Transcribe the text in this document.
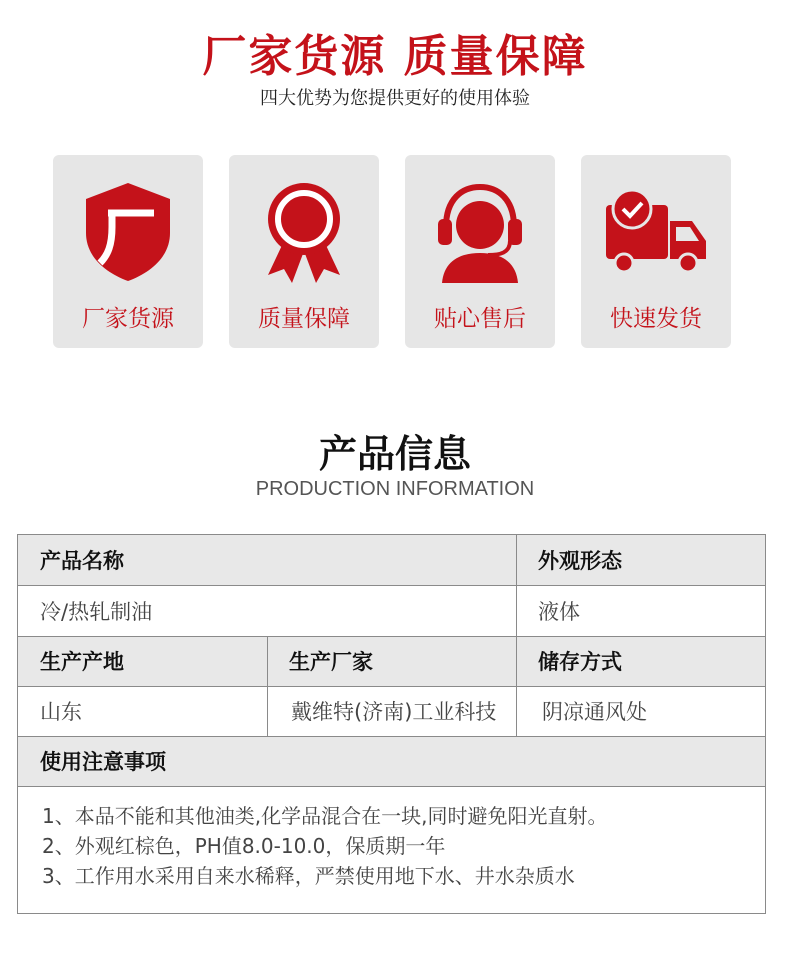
厂家货源 质量保障
四大优势为您提供更好的使用体验
厂家货源	质量保障	贴心售后	快速发货
产品信息
PRODUCTION INFORMATION
产品名称	外观形态
冷/热轧制油	液体
生产产地	生产厂家	储存方式
山东	戴维特(济南)工业科技	阴凉通风处
使用注意事项
1、本品不能和其他油类,化学品混合在一块,同时避免阳光直射。
2、外观红棕色，PH值8.0-10.0，保质期一年
3、工作用水采用自来水稀释，严禁使用地下水、井水杂质水
